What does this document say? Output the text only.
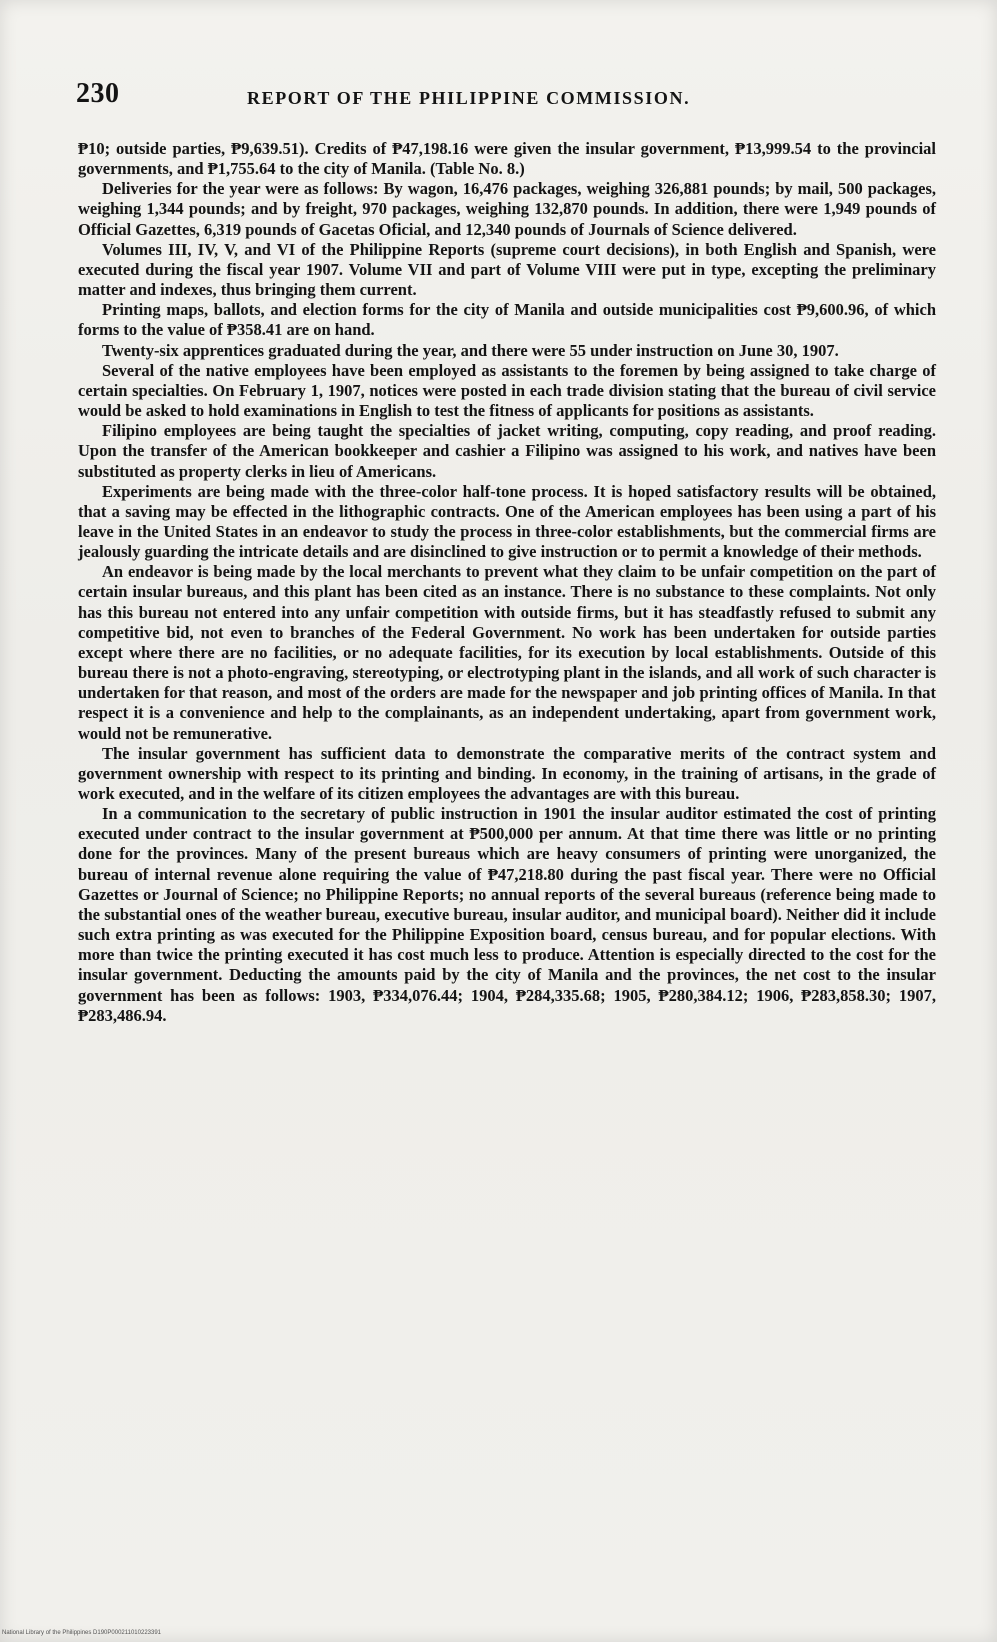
230	REPORT OF THE PHILIPPINE COMMISSION.

₱10; outside parties, ₱9,639.51). Credits of ₱47,198.16 were given the insular government, ₱13,999.54 to the provincial governments, and ₱1,755.64 to the city of Manila. (Table No. 8.)

Deliveries for the year were as follows: By wagon, 16,476 packages, weighing 326,881 pounds; by mail, 500 packages, weighing 1,344 pounds; and by freight, 970 packages, weighing 132,870 pounds. In addition, there were 1,949 pounds of Official Gazettes, 6,319 pounds of Gacetas Oficial, and 12,340 pounds of Journals of Science delivered.

Volumes III, IV, V, and VI of the Philippine Reports (supreme court decisions), in both English and Spanish, were executed during the fiscal year 1907. Volume VII and part of Volume VIII were put in type, excepting the preliminary matter and indexes, thus bringing them current.

Printing maps, ballots, and election forms for the city of Manila and outside municipalities cost ₱9,600.96, of which forms to the value of ₱358.41 are on hand.

Twenty-six apprentices graduated during the year, and there were 55 under instruction on June 30, 1907.

Several of the native employees have been employed as assistants to the foremen by being assigned to take charge of certain specialties. On February 1, 1907, notices were posted in each trade division stating that the bureau of civil service would be asked to hold examinations in English to test the fitness of applicants for positions as assistants.

Filipino employees are being taught the specialties of jacket writing, computing, copy reading, and proof reading. Upon the transfer of the American bookkeeper and cashier a Filipino was assigned to his work, and natives have been substituted as property clerks in lieu of Americans.

Experiments are being made with the three-color half-tone process. It is hoped satisfactory results will be obtained, that a saving may be effected in the lithographic contracts. One of the American employees has been using a part of his leave in the United States in an endeavor to study the process in three-color establishments, but the commercial firms are jealously guarding the intricate details and are disinclined to give instruction or to permit a knowledge of their methods.

An endeavor is being made by the local merchants to prevent what they claim to be unfair competition on the part of certain insular bureaus, and this plant has been cited as an instance. There is no substance to these complaints. Not only has this bureau not entered into any unfair competition with outside firms, but it has steadfastly refused to submit any competitive bid, not even to branches of the Federal Government. No work has been undertaken for outside parties except where there are no facilities, or no adequate facilities, for its execution by local establishments. Outside of this bureau there is not a photo-engraving, stereotyping, or electrotyping plant in the islands, and all work of such character is undertaken for that reason, and most of the orders are made for the newspaper and job printing offices of Manila. In that respect it is a convenience and help to the complainants, as an independent undertaking, apart from government work, would not be remunerative.

The insular government has sufficient data to demonstrate the comparative merits of the contract system and government ownership with respect to its printing and binding. In economy, in the training of artisans, in the grade of work executed, and in the welfare of its citizen employees the advantages are with this bureau.

In a communication to the secretary of public instruction in 1901 the insular auditor estimated the cost of printing executed under contract to the insular government at ₱500,000 per annum. At that time there was little or no printing done for the provinces. Many of the present bureaus which are heavy consumers of printing were unorganized, the bureau of internal revenue alone requiring the value of ₱47,218.80 during the past fiscal year. There were no Official Gazettes or Journal of Science; no Philippine Reports; no annual reports of the several bureaus (reference being made to the substantial ones of the weather bureau, executive bureau, insular auditor, and municipal board). Neither did it include such extra printing as was executed for the Philippine Exposition board, census bureau, and for popular elections. With more than twice the printing executed it has cost much less to produce. Attention is especially directed to the cost for the insular government. Deducting the amounts paid by the city of Manila and the provinces, the net cost to the insular government has been as follows: 1903, ₱334,076.44; 1904, ₱284,335.68; 1905, ₱280,384.12; 1906, ₱283,858.30; 1907, ₱283,486.94.

National Library of the Philippines D190P000211010223391
